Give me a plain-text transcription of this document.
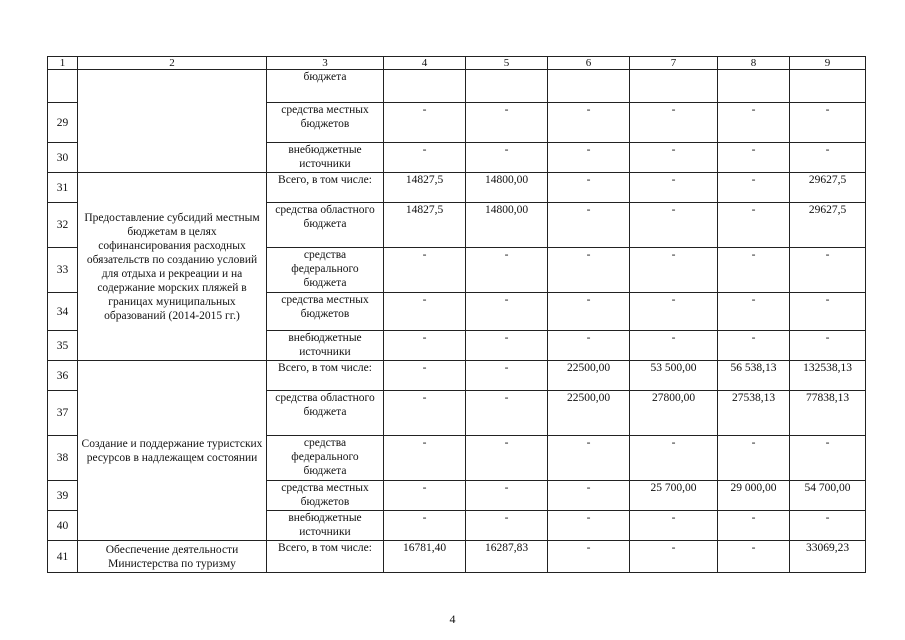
1	2	3	4	5	6	7	8	9
		бюджета						
29		средства местных бюджетов	-	-	-	-	-	-
30		внебюджетные источники	-	-	-	-	-	-
31	Предоставление субсидий местным бюджетам в целях софинансирования расходных обязательств по созданию условий для отдыха и рекреации и на содержание морских пляжей в границах муниципальных образований (2014-2015 гг.)	Всего, в том числе:	14827,5	14800,00	-	-	-	29627,5
32		средства областного бюджета	14827,5	14800,00	-	-	-	29627,5
33		средства федерального бюджета	-	-	-	-	-	-
34		средства местных бюджетов	-	-	-	-	-	-
35		внебюджетные источники	-	-	-	-	-	-
36	Создание и поддержание туристских ресурсов в надлежащем состоянии	Всего, в том числе:	-	-	22500,00	53 500,00	56 538,13	132538,13
37		средства областного бюджета	-	-	22500,00	27800,00	27538,13	77838,13
38		средства федерального бюджета	-	-	-	-	-	-
39		средства местных бюджетов	-	-	-	25 700,00	29 000,00	54 700,00
40		внебюджетные источники	-	-	-	-	-	-
41	Обеспечение деятельности Министерства по туризму	Всего, в том числе:	16781,40	16287,83	-	-	-	33069,23
4
